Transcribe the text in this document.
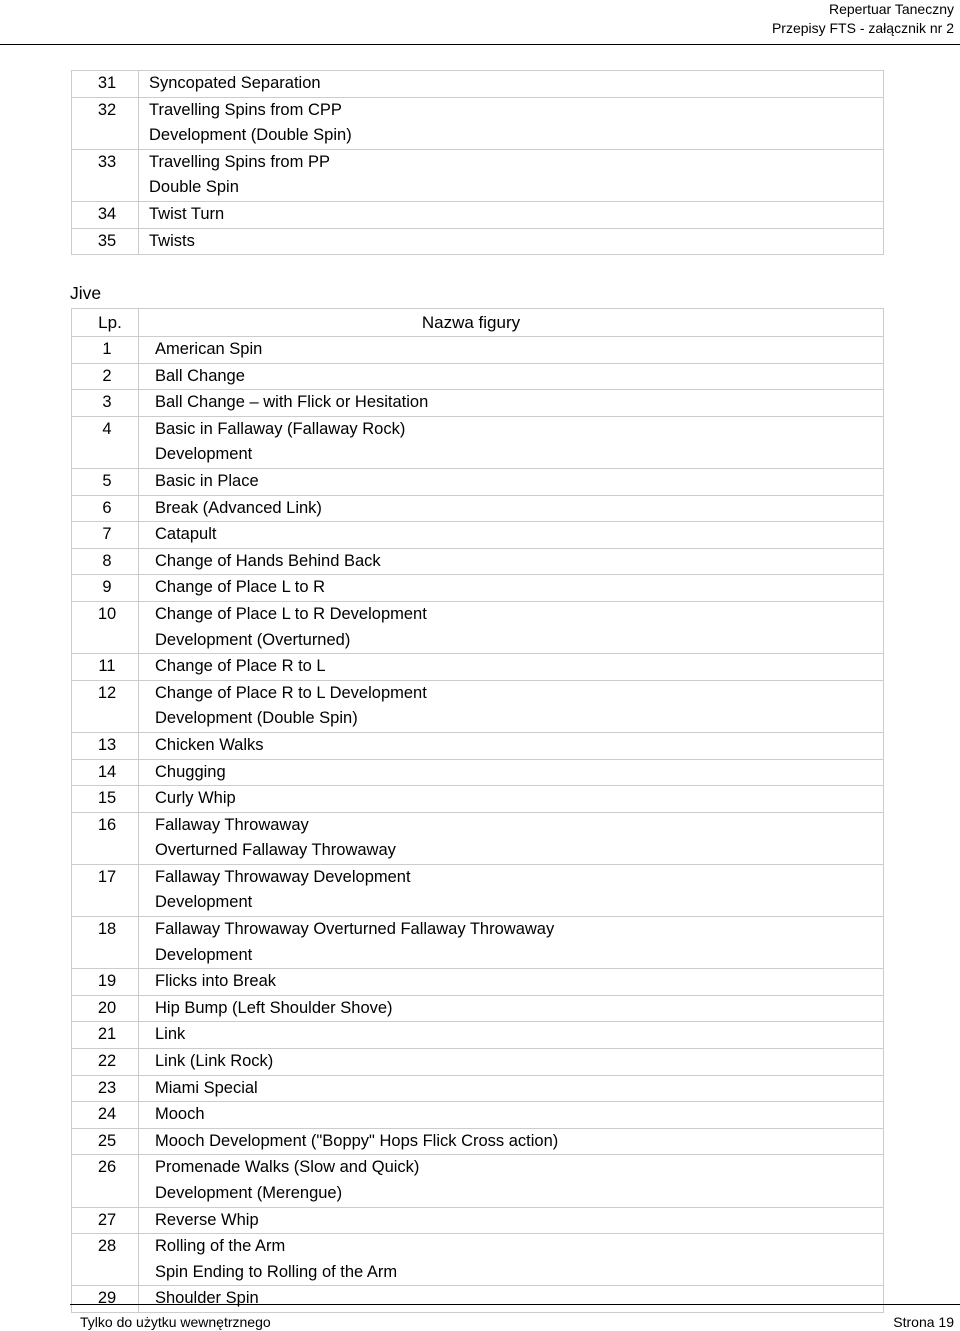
Repertuar Taneczny
Przepisy FTS - załącznik nr 2
31	Syncopated Separation

32	Travelling Spins from CPP
Development (Double Spin)

33	Travelling Spins from PP
Double Spin

34	Twist Turn

35	Twists
Jive
Lp.	Nazwa figury

1	American Spin

2	Ball Change

3	Ball Change – with Flick or Hesitation

4	Basic in Fallaway (Fallaway Rock)
Development

5	Basic in Place

6	Break (Advanced Link)

7	Catapult

8	Change of Hands Behind Back

9	Change of Place L to R

10	Change of Place L to R Development
Development (Overturned)

11	Change of Place R to L

12	Change of Place R to L Development
Development (Double Spin)

13	Chicken Walks

14	Chugging

15	Curly Whip

16	Fallaway Throwaway
Overturned Fallaway Throwaway

17	Fallaway Throwaway Development
Development

18	Fallaway Throwaway Overturned Fallaway Throwaway
Development

19	Flicks into Break

20	Hip Bump (Left Shoulder Shove)

21	Link

22	Link (Link Rock)

23	Miami Special

24	Mooch

25	Mooch Development ("Boppy" Hops Flick Cross action)

26	Promenade Walks (Slow and Quick)
Development (Merengue)

27	Reverse Whip

28	Rolling of the Arm
Spin Ending to Rolling of the Arm

29	Shoulder Spin
Tylko do użytku wewnętrznego	Strona 19
